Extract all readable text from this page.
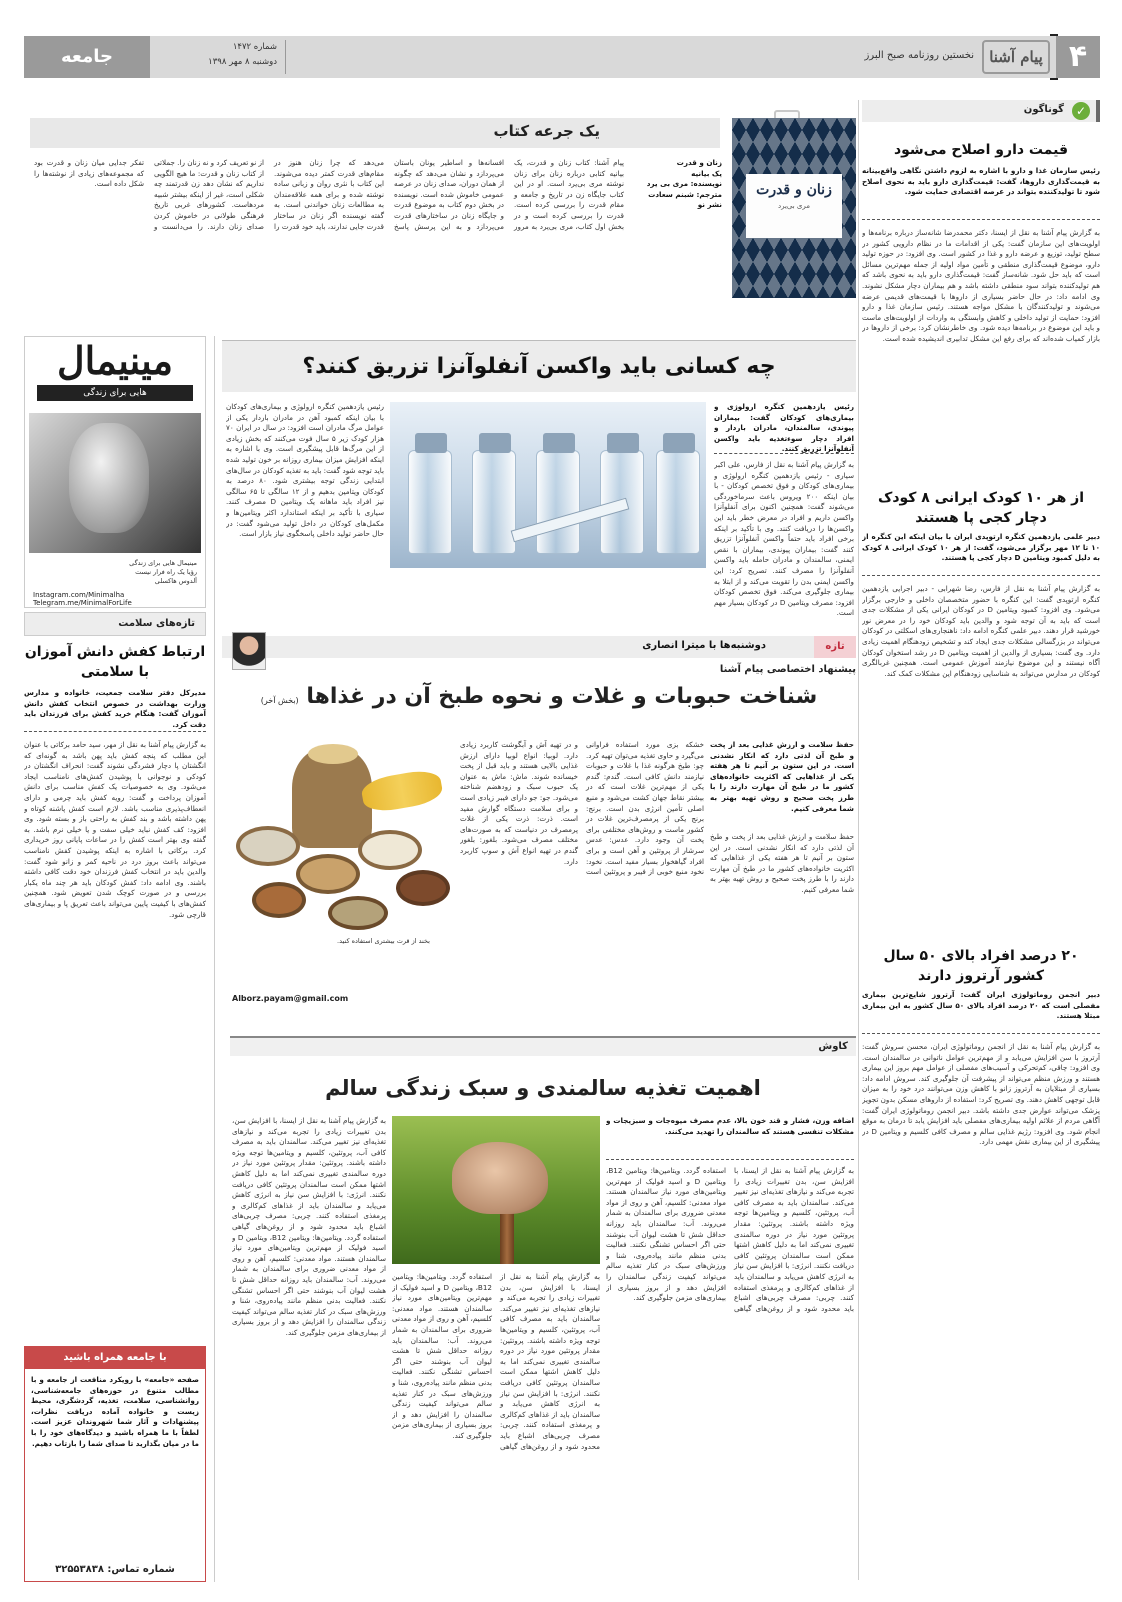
۴
پیام آشنا
نخستین روزنامه صبح البرز
شماره ۱۴۷۲
دوشنبه ۸ مهر ۱۳۹۸
جامعه
✓
گوناگون
قیمت دارو اصلاح می‌شود
رئیس سازمان غذا و دارو با اشاره به لزوم داشتن نگاهی واقع‌بینانه به قیمت‌گذاری داروها، گفت: قیمت‌گذاری دارو باید به نحوی اصلاح شود تا تولیدکننده بتواند در عرصه اقتصادی حمایت شود.
به گزارش پیام آشنا به نقل از ایسنا، دکتر محمدرضا شانه‌ساز درباره برنامه‌ها و اولویت‌های این سازمان گفت: یکی از اقدامات ما در نظام دارویی کشور در سطح تولید، توزیع و عرضه دارو و غذا در کشور است. وی افزود: در حوزه تولید دارو، موضوع قیمت‌گذاری منطقی و تأمین مواد اولیه از جمله مهم‌ترین مسائل است که باید حل شود. شانه‌ساز گفت: قیمت‌گذاری دارو باید به نحوی باشد که هم تولیدکننده بتواند سود منطقی داشته باشد و هم بیماران دچار مشکل نشوند. وی ادامه داد: در حال حاضر بسیاری از داروها با قیمت‌های قدیمی عرضه می‌شوند و تولیدکنندگان با مشکل مواجه هستند. رئیس سازمان غذا و دارو افزود: حمایت از تولید داخلی و کاهش وابستگی به واردات از اولویت‌های ماست و باید این موضوع در برنامه‌ها دیده شود. وی خاطرنشان کرد: برخی از داروها در بازار کمیاب شده‌اند که برای رفع این مشکل تدابیری اندیشیده شده است.
از هر ۱۰ کودک ایرانی ۸ کودک دچار کجی پا هستند
دبیر علمی یازدهمین کنگره ارتوپدی ایران با بیان اینکه این کنگره از ۱۰ تا ۱۲ مهر برگزار می‌شود، گفت: از هر ۱۰ کودک ایرانی ۸ کودک به دلیل کمبود ویتامین D دچار کجی پا هستند.
به گزارش پیام آشنا به نقل از فارس، رضا شهرابی - دبیر اجرایی یازدهمین کنگره ارتوپدی گفت: این کنگره با حضور متخصصان داخلی و خارجی برگزار می‌شود. وی افزود: کمبود ویتامین D در کودکان ایرانی یکی از مشکلات جدی است که باید به آن توجه شود و والدین باید کودکان خود را در معرض نور خورشید قرار دهند. دبیر علمی کنگره ادامه داد: ناهنجاری‌های اسکلتی در کودکان می‌تواند در بزرگسالی مشکلات جدی ایجاد کند و تشخیص زودهنگام اهمیت زیادی دارد. وی گفت: بسیاری از والدین از اهمیت ویتامین D در رشد استخوان کودکان آگاه نیستند و این موضوع نیازمند آموزش عمومی است. همچنین غربالگری کودکان در مدارس می‌تواند به شناسایی زودهنگام این مشکلات کمک کند.
۲۰ درصد افراد بالای ۵۰ سال کشور آرتروز دارند
دبیر انجمن روماتولوژی ایران گفت: آرتروز شایع‌ترین بیماری مفصلی است که ۲۰ درصد افراد بالای ۵۰ سال کشور به این بیماری مبتلا هستند.
به گزارش پیام آشنا به نقل از انجمن روماتولوژی ایران، محسن سروش گفت: آرتروز با سن افزایش می‌یابد و از مهم‌ترین عوامل ناتوانی در سالمندان است. وی افزود: چاقی، کم‌تحرکی و آسیب‌های مفصلی از عوامل مهم بروز این بیماری هستند و ورزش منظم می‌تواند از پیشرفت آن جلوگیری کند. سروش ادامه داد: بسیاری از مبتلایان به آرتروز زانو با کاهش وزن می‌توانند درد خود را به میزان قابل توجهی کاهش دهند. وی تصریح کرد: استفاده از داروهای مسکن بدون تجویز پزشک می‌تواند عوارض جدی داشته باشد. دبیر انجمن روماتولوژی ایران گفت: آگاهی مردم از علائم اولیه بیماری‌های مفصلی باید افزایش یابد تا درمان به موقع انجام شود. وی افزود: رژیم غذایی سالم و مصرف کافی کلسیم و ویتامین D در پیشگیری از این بیماری نقش مهمی دارد.
یک جرعه کتاب
زنان و قدرت
مری بی‌یرد
زنان و قدرت
یک بیانیه
نویسنده: مری بی یرد
مترجم: شبنم سعادت
نشر نو
پیام آشنا: کتاب زنان و قدرت، یک بیانیه کتابی درباره زنان برای زنان نوشته مری بی‌یرد است. او در این کتاب جایگاه زن در تاریخ و جامعه و مقام قدرت را بررسی کرده است. قدرت را بررسی کرده است و در بخش اول کتاب، مری بی‌یرد به مرور افسانه‌ها و اساطیر یونان باستان می‌پردازد و نشان می‌دهد که چگونه از همان دوران، صدای زنان در عرصه عمومی خاموش شده است. نویسنده در بخش دوم کتاب به موضوع قدرت و جایگاه زنان در ساختارهای قدرت می‌پردازد و به این پرسش پاسخ می‌دهد که چرا زنان هنوز در مقام‌های قدرت کمتر دیده می‌شوند. این کتاب با نثری روان و زبانی ساده نوشته شده و برای همه علاقه‌مندان به مطالعات زنان خواندنی است. به گفته نویسنده اگر زنان در ساختار قدرت جایی ندارند، باید خود قدرت را از نو تعریف کرد و نه زنان را. جملاتی از کتاب زنان و قدرت: ما هیچ الگویی نداریم که نشان دهد زن قدرتمند چه شکلی است، غیر از اینکه بیشتر شبیه مردهاست. کشورهای غربی تاریخ فرهنگی طولانی در خاموش کردن صدای زنان دارند. را می‌دانست و تفکر جدایی میان زنان و قدرت بود که مجموعه‌های زیادی از نوشته‌ها را شکل داده است.
مینیمال
هایی برای زندگی
مینیمال هایی برای زندگی
رؤیا یک راه فرار نیست
آلدوس هاکسلی
Instagram.com/Minimalha
Telegram.me/MinimalForLife
چه کسانی باید واکسن آنفلوآنزا تزریق کنند؟
رئیس یازدهمین کنگره ارولوژی و بیماری‌های کودکان گفت: بیماران پیوندی، سالمندان، مادران باردار و افراد دچار سوءتغذیه باید واکسن آنفلوآنزا تزریق کنند.
به گزارش پیام آشنا به نقل از فارس، علی اکبر سیاری - رئیس یازدهمین کنگره ارولوژی و بیماری‌های کودکان و فوق تخصص کودکان - با بیان اینکه ۲۰۰ ویروس باعث سرماخوردگی می‌شوند گفت: همچنین اکنون برای آنفلوآنزا واکسن داریم و افراد در معرض خطر باید این واکسن‌ها را دریافت کنند. وی با تأکید بر اینکه برخی افراد باید حتماً واکسن آنفلوآنزا تزریق کنند گفت: بیماران پیوندی، بیماران با نقص ایمنی، سالمندان و مادران حامله باید واکسن آنفلوآنزا را مصرف کنند. تصریح کرد: این واکسن ایمنی بدن را تقویت می‌کند و از ابتلا به بیماری جلوگیری می‌کند. فوق تخصص کودکان افزود: مصرف ویتامین D در کودکان بسیار مهم است.
رئیس یازدهمین کنگره ارولوژی و بیماری‌های کودکان با بیان اینکه کمبود آهن در مادران باردار یکی از عوامل مرگ مادران است افزود: در سال در ایران ۷۰ هزار کودک زیر ۵ سال فوت می‌کنند که بخش زیادی از این مرگ‌ها قابل پیشگیری است. وی با اشاره به اینکه افزایش میزان بیماری روزانه بر خون تولید شده باید توجه شود گفت: باید به تغذیه کودکان در سال‌های ابتدایی زندگی توجه بیشتری شود. ۸۰ درصد به کودکان ویتامین بدهیم و از ۱۲ سالگی تا ۶۵ سالگی نیز افراد باید ماهانه یک ویتامین D مصرف کنند. سیاری با تأکید بر اینکه استاندارد اکثر ویتامین‌ها و مکمل‌های کودکان در داخل تولید می‌شود گفت: در حال حاضر تولید داخلی پاسخگوی نیاز بازار است.
دوشنبه‌ها با میترا انصاری	تازه
پیشنهاد اختصاصی پیام آشنا
شناخت حبوبات و غلات و نحوه طبخ آن در غذاها (بخش آخر)
حفظ سلامت و ارزش غذایی بعد از پخت و طبخ آن لذتی دارد که انکار نشدنی است. در این ستون بر آنیم تا هر هفته یکی از غذاهایی که اکثریت خانواده‌های کشور ما در طبخ آن مهارت دارند را با طرز پخت صحیح و روش تهیه بهتر به شما معرفی کنیم.
خشکه بزی مورد استفاده فراوانی می‌گیرد و حاوی تغذیه می‌توان تهیه کرد. چو: طبخ هرگونه غذا با غلات و حبوبات نیازمند دانش کافی است. گندم: گندم یکی از مهم‌ترین غلات است که در بیشتر نقاط جهان کشت می‌شود و منبع اصلی تأمین انرژی بدن است. برنج: برنج یکی از پرمصرف‌ترین غلات در کشور ماست و روش‌های مختلفی برای پخت آن وجود دارد. عدس: عدس سرشار از پروتئین و آهن است و برای افراد گیاهخوار بسیار مفید است. نخود: نخود منبع خوبی از فیبر و پروتئین است و در تهیه آش و آبگوشت کاربرد زیادی دارد. لوبیا: انواع لوبیا دارای ارزش غذایی بالایی هستند و باید قبل از پخت خیسانده شوند. ماش: ماش به عنوان یک حبوب سبک و زودهضم شناخته می‌شود. جو: جو دارای فیبر زیادی است و برای سلامت دستگاه گوارش مفید است. ذرت: ذرت یکی از غلات پرمصرف در دنیاست که به صورت‌های مختلف مصرف می‌شود. بلغور: بلغور گندم در تهیه انواع آش و سوپ کاربرد دارد.
حفظ سلامت و ارزش غذایی بعد از پخت و طبخ آن لذتی دارد که انکار نشدنی است. در این ستون بر آنیم تا هر هفته یکی از غذاهایی که اکثریت خانواده‌های کشور ما در طبخ آن مهارت دارند را با طرز پخت صحیح و روش تهیه بهتر به شما معرفی کنیم.
بخند از قرت بیشتری استفاده کنید.
Alborz.payam@gmail.com
تازه‌های سلامت
ارتباط کفش دانش آموزان با سلامتی
مدیرکل دفتر سلامت جمعیت، خانواده و مدارس وزارت بهداشت در خصوص انتخاب کفش دانش آموزان گفت: هنگام خرید کفش برای فرزندان باید دقت کرد.
به گزارش پیام آشنا به نقل از مهر، سید حامد برکاتی با عنوان این مطلب که پنجه کفش باید پهن باشد به گونه‌ای که انگشتان پا دچار فشردگی نشوند گفت: انحراف انگشتان در کودکی و نوجوانی با پوشیدن کفش‌های نامناسب ایجاد می‌شود. وی به خصوصیات یک کفش مناسب برای دانش آموزان پرداخت و گفت: رویه کفش باید چرمی و دارای انعطاف‌پذیری مناسب باشد. لازم است کفش پاشنه کوتاه و پهن داشته باشد و بند کفش به راحتی باز و بسته شود. وی افزود: کف کفش نباید خیلی سفت و یا خیلی نرم باشد. به گفته وی بهتر است کفش را در ساعات پایانی روز خریداری کرد. برکاتی با اشاره به اینکه پوشیدن کفش نامناسب می‌تواند باعث بروز درد در ناحیه کمر و زانو شود گفت: والدین باید در انتخاب کفش فرزندان خود دقت کافی داشته باشند. وی ادامه داد: کفش کودکان باید هر چند ماه یکبار بررسی و در صورت کوچک شدن تعویض شود. همچنین کفش‌های با کیفیت پایین می‌تواند باعث تعریق پا و بیماری‌های قارچی شود.
با جامعه همراه باشید
صفحه «جامعه» با رویکرد منافعت از جامعه و با مطالب متنوع در حوزه‌های جامعه‌شناسی، روانشناسی، سلامت، تغذیه، گردشگری، محیط زیست و خانواده آماده دریافت نظرات، پیشنهادات و آثار شما شهروندان عزیز است. لطفاً با ما همراه باشید و دیدگاه‌های خود را با ما در میان بگذارید تا صدای شما را بازتاب دهیم.
شماره تماس: ۳۲۵۵۳۸۳۸
کاوش
اهمیت تغذیه سالمندی و سبک زندگی سالم
اضافه وزن، فشار و قند خون بالا، عدم مصرف میوه‌جات و سبزیجات و مشکلات تنفسی هستند که سالمندان را تهدید می‌کنند.
به گزارش پیام آشنا به نقل از ایسنا، با افزایش سن، بدن تغییرات زیادی را تجربه می‌کند و نیازهای تغذیه‌ای نیز تغییر می‌کند. سالمندان باید به مصرف کافی آب، پروتئین، کلسیم و ویتامین‌ها توجه ویژه داشته باشند. پروتئین: مقدار پروتئین مورد نیاز در دوره سالمندی تغییری نمی‌کند اما به دلیل کاهش اشتها ممکن است سالمندان پروتئین کافی دریافت نکنند. انرژی: با افزایش سن نیاز به انرژی کاهش می‌یابد و سالمندان باید از غذاهای کم‌کالری و پرمغذی استفاده کنند. چربی: مصرف چربی‌های اشباع باید محدود شود و از روغن‌های گیاهی استفاده گردد. ویتامین‌ها: ویتامین B12، ویتامین D و اسید فولیک از مهم‌ترین ویتامین‌های مورد نیاز سالمندان هستند. مواد معدنی: کلسیم، آهن و روی از مواد معدنی ضروری برای سالمندان به شمار می‌روند. آب: سالمندان باید روزانه حداقل شش تا هشت لیوان آب بنوشند حتی اگر احساس تشنگی نکنند. فعالیت بدنی منظم مانند پیاده‌روی، شنا و ورزش‌های سبک در کنار تغذیه سالم می‌تواند کیفیت زندگی سالمندان را افزایش دهد و از بروز بسیاری از بیماری‌های مزمن جلوگیری کند.
به گزارش پیام آشنا به نقل از ایسنا، با افزایش سن، بدن تغییرات زیادی را تجربه می‌کند و نیازهای تغذیه‌ای نیز تغییر می‌کند. سالمندان باید به مصرف کافی آب، پروتئین، کلسیم و ویتامین‌ها توجه ویژه داشته باشند. پروتئین: مقدار پروتئین مورد نیاز در دوره سالمندی تغییری نمی‌کند اما به دلیل کاهش اشتها ممکن است سالمندان پروتئین کافی دریافت نکنند. انرژی: با افزایش سن نیاز به انرژی کاهش می‌یابد و سالمندان باید از غذاهای کم‌کالری و پرمغذی استفاده کنند. چربی: مصرف چربی‌های اشباع باید محدود شود و از روغن‌های گیاهی استفاده گردد. ویتامین‌ها: ویتامین B12، ویتامین D و اسید فولیک از مهم‌ترین ویتامین‌های مورد نیاز سالمندان هستند. مواد معدنی: کلسیم، آهن و روی از مواد معدنی ضروری برای سالمندان به شمار می‌روند. آب: سالمندان باید روزانه حداقل شش تا هشت لیوان آب بنوشند حتی اگر احساس تشنگی نکنند. فعالیت بدنی منظم مانند پیاده‌روی، شنا و ورزش‌های سبک در کنار تغذیه سالم می‌تواند کیفیت زندگی سالمندان را افزایش دهد و از بروز بسیاری از بیماری‌های مزمن جلوگیری کند.
به گزارش پیام آشنا به نقل از ایسنا، با افزایش سن، بدن تغییرات زیادی را تجربه می‌کند و نیازهای تغذیه‌ای نیز تغییر می‌کند. سالمندان باید به مصرف کافی آب، پروتئین، کلسیم و ویتامین‌ها توجه ویژه داشته باشند. پروتئین: مقدار پروتئین مورد نیاز در دوره سالمندی تغییری نمی‌کند اما به دلیل کاهش اشتها ممکن است سالمندان پروتئین کافی دریافت نکنند. انرژی: با افزایش سن نیاز به انرژی کاهش می‌یابد و سالمندان باید از غذاهای کم‌کالری و پرمغذی استفاده کنند. چربی: مصرف چربی‌های اشباع باید محدود شود و از روغن‌های گیاهی استفاده گردد. ویتامین‌ها: ویتامین B12، ویتامین D و اسید فولیک از مهم‌ترین ویتامین‌های مورد نیاز سالمندان هستند. مواد معدنی: کلسیم، آهن و روی از مواد معدنی ضروری برای سالمندان به شمار می‌روند. آب: سالمندان باید روزانه حداقل شش تا هشت لیوان آب بنوشند حتی اگر احساس تشنگی نکنند. فعالیت بدنی منظم مانند پیاده‌روی، شنا و ورزش‌های سبک در کنار تغذیه سالم می‌تواند کیفیت زندگی سالمندان را افزایش دهد و از بروز بسیاری از بیماری‌های مزمن جلوگیری کند.
